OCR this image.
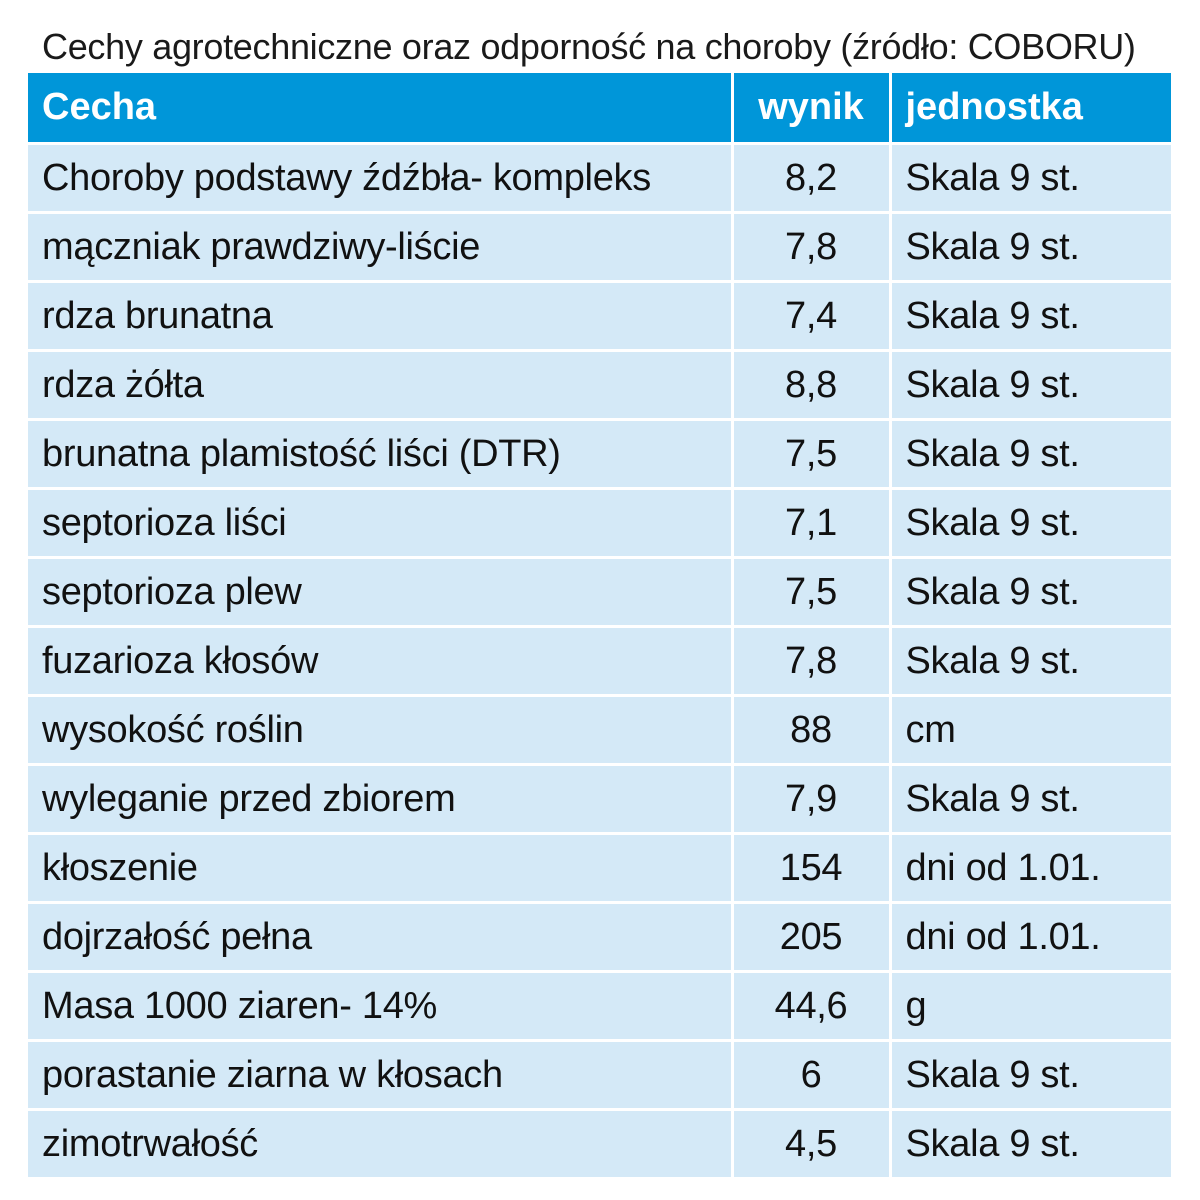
Cechy agrotechniczne oraz odporność na choroby (źródło: COBORU)
Cecha	wynik	jednostka
Choroby podstawy źdźbła- kompleks	8,2	Skala 9 st.
mączniak prawdziwy-liście	7,8	Skala 9 st.
rdza brunatna	7,4	Skala 9 st.
rdza żółta	8,8	Skala 9 st.
brunatna plamistość liści (DTR)	7,5	Skala 9 st.
septorioza liści	7,1	Skala 9 st.
septorioza plew	7,5	Skala 9 st.
fuzarioza kłosów	7,8	Skala 9 st.
wysokość roślin	88	cm
wyleganie przed zbiorem	7,9	Skala 9 st.
kłoszenie	154	dni od 1.01.
dojrzałość pełna	205	dni od 1.01.
Masa 1000 ziaren- 14%	44,6	g
porastanie ziarna w kłosach	6	Skala 9 st.
zimotrwałość	4,5	Skala 9 st.
